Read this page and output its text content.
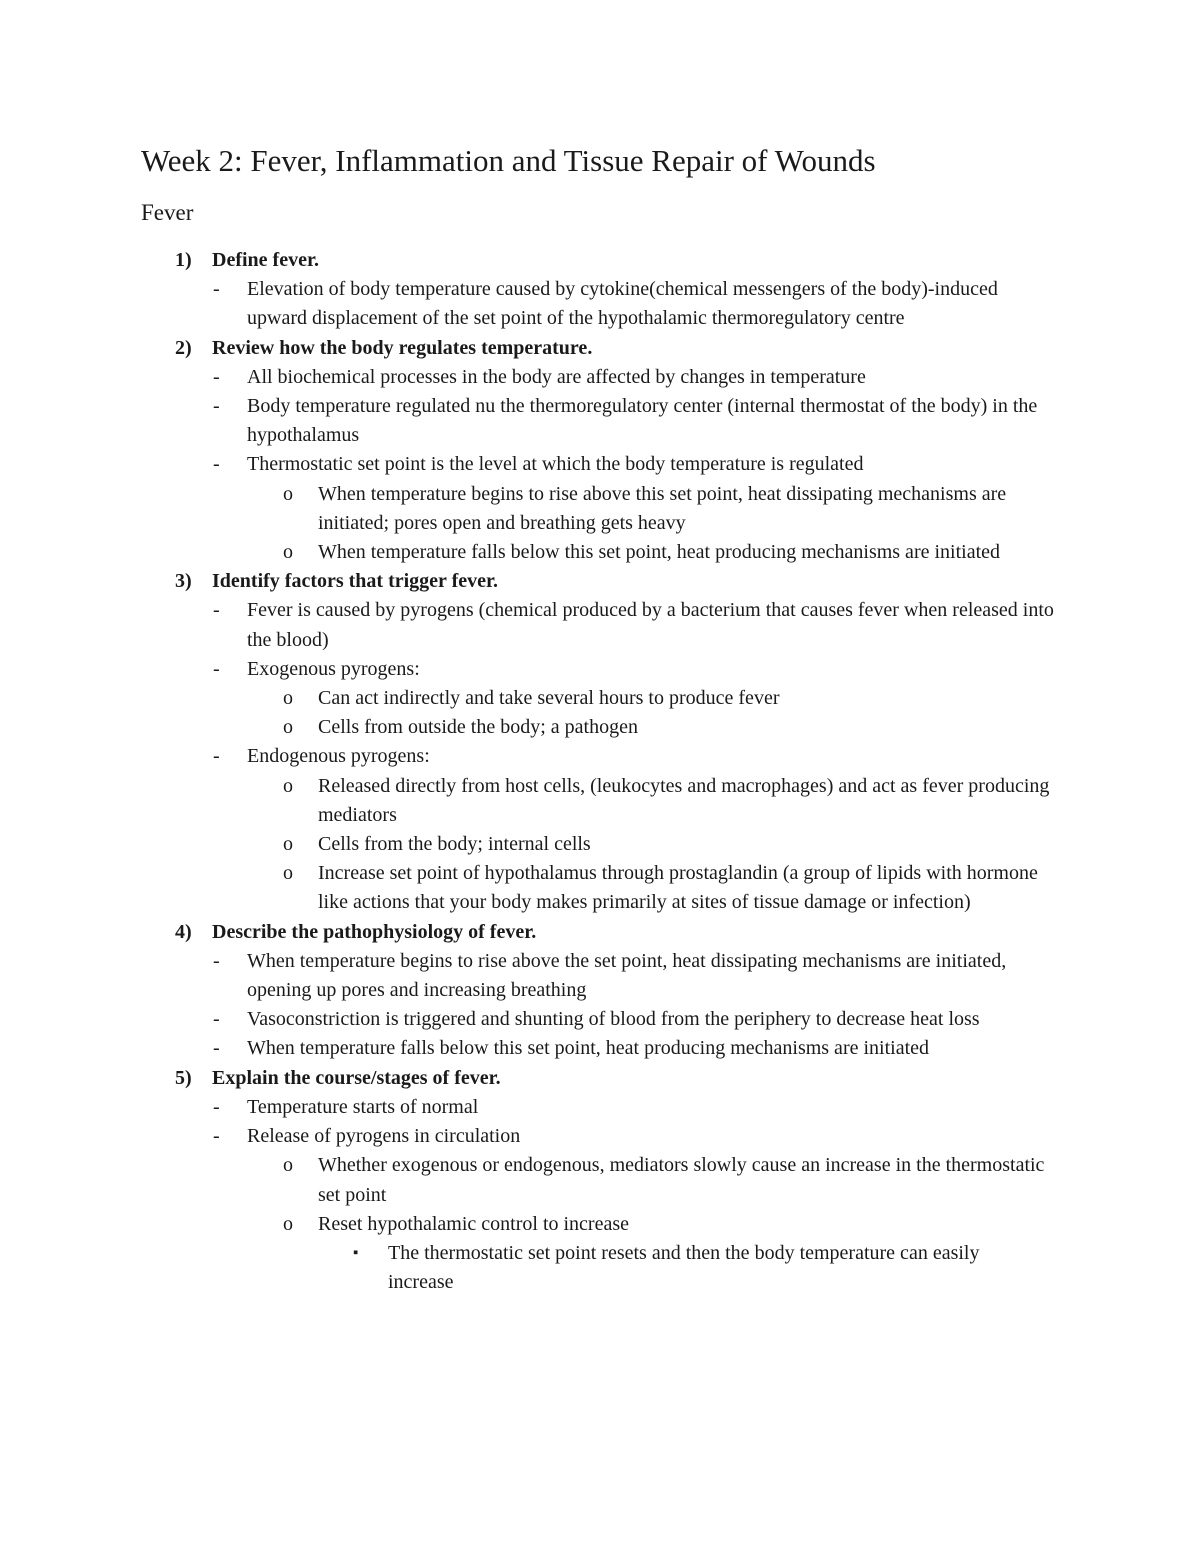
Week 2: Fever, Inflammation and Tissue Repair of Wounds
Fever
1) Define fever.
- Elevation of body temperature caused by cytokine(chemical messengers of the body)-induced upward displacement of the set point of the hypothalamic thermoregulatory centre
2) Review how the body regulates temperature.
- All biochemical processes in the body are affected by changes in temperature
- Body temperature regulated nu the thermoregulatory center (internal thermostat of the body) in the hypothalamus
- Thermostatic set point is the level at which the body temperature is regulated
o When temperature begins to rise above this set point, heat dissipating mechanisms are initiated; pores open and breathing gets heavy
o When temperature falls below this set point, heat producing mechanisms are initiated
3) Identify factors that trigger fever.
- Fever is caused by pyrogens (chemical produced by a bacterium that causes fever when released into the blood)
- Exogenous pyrogens:
o Can act indirectly and take several hours to produce fever
o Cells from outside the body; a pathogen
- Endogenous pyrogens:
o Released directly from host cells, (leukocytes and macrophages) and act as fever producing mediators
o Cells from the body; internal cells
o Increase set point of hypothalamus through prostaglandin (a group of lipids with hormone like actions that your body makes primarily at sites of tissue damage or infection)
4) Describe the pathophysiology of fever.
- When temperature begins to rise above the set point, heat dissipating mechanisms are initiated, opening up pores and increasing breathing
- Vasoconstriction is triggered and shunting of blood from the periphery to decrease heat loss
- When temperature falls below this set point, heat producing mechanisms are initiated
5) Explain the course/stages of fever.
- Temperature starts of normal
- Release of pyrogens in circulation
o Whether exogenous or endogenous, mediators slowly cause an increase in the thermostatic set point
o Reset hypothalamic control to increase
▪ The thermostatic set point resets and then the body temperature can easily increase
